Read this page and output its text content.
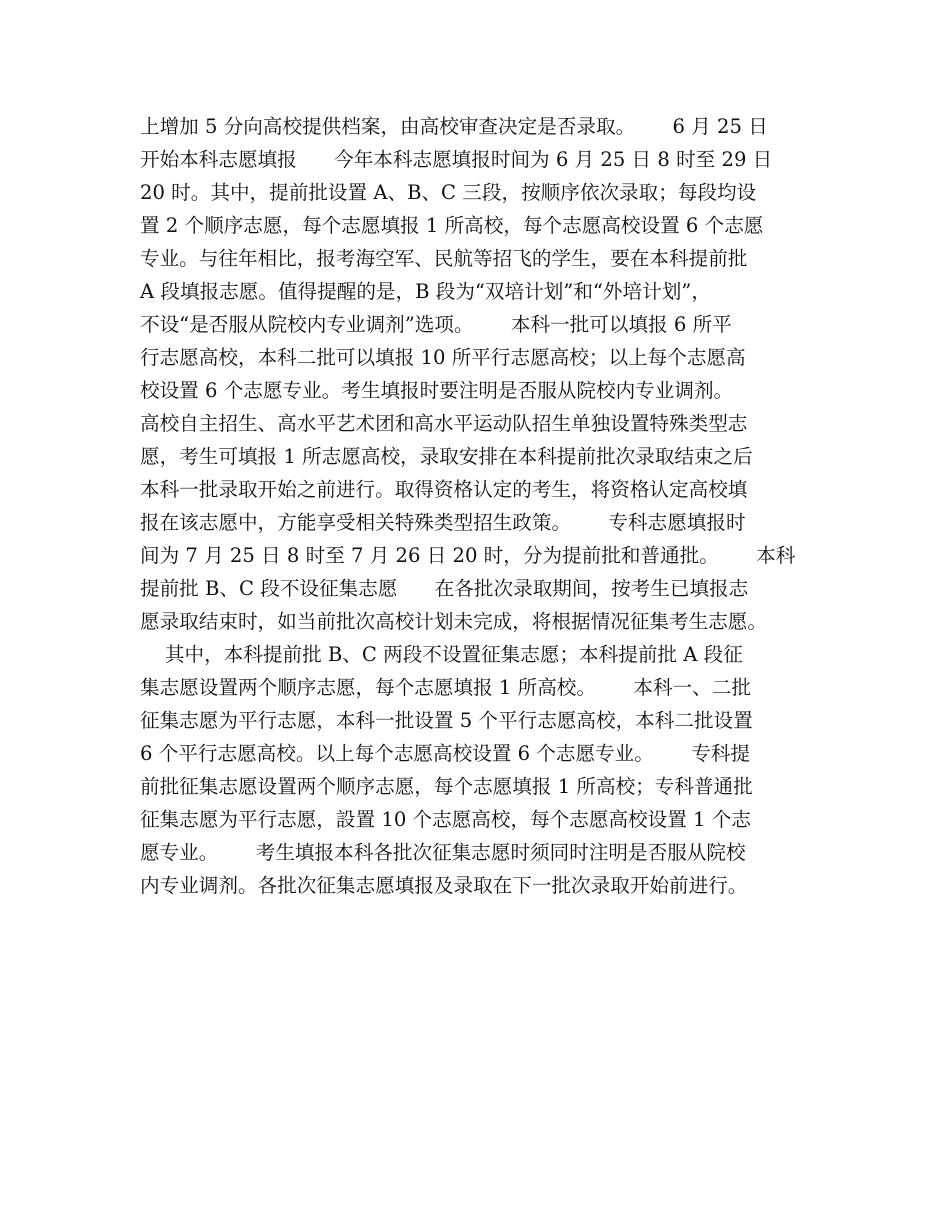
上增加 5 分向高校提供档案，由高校审查决定是否录取。      6 月 25 日
开始本科志愿填报      今年本科志愿填报时间为 6 月 25 日 8 时至 29 日
20 时。其中，提前批设置 A、B、C 三段，按顺序依次录取；每段均设
置 2 个顺序志愿，每个志愿填报 1 所高校，每个志愿高校设置 6 个志愿
专业。与往年相比，报考海空军、民航等招飞的学生，要在本科提前批
A 段填报志愿。值得提醒的是，B 段为“双培计划”和“外培计划”，
不设“是否服从院校内专业调剂”选项。      本科一批可以填报 6 所平
行志愿高校，本科二批可以填报 10 所平行志愿高校；以上每个志愿高
校设置 6 个志愿专业。考生填报时要注明是否服从院校内专业调剂。
高校自主招生、高水平艺术团和高水平运动队招生单独设置特殊类型志
愿，考生可填报 1 所志愿高校，录取安排在本科提前批次录取结束之后
本科一批录取开始之前进行。取得资格认定的考生，将资格认定高校填
报在该志愿中，方能享受相关特殊类型招生政策。      专科志愿填报时
间为 7 月 25 日 8 时至 7 月 26 日 20 时，分为提前批和普通批。      本科
提前批 B、C 段不设征集志愿      在各批次录取期间，按考生已填报志
愿录取结束时，如当前批次高校计划未完成，将根据情况征集考生志愿。
其中，本科提前批 B、C 两段不设置征集志愿；本科提前批 A 段征
集志愿设置两个顺序志愿，每个志愿填报 1 所高校。      本科一、二批
征集志愿为平行志愿，本科一批设置 5 个平行志愿高校，本科二批设置
6 个平行志愿高校。以上每个志愿高校设置 6 个志愿专业。      专科提
前批征集志愿设置两个顺序志愿，每个志愿填报 1 所高校；专科普通批
征集志愿为平行志愿，設置 10 个志愿高校，每个志愿高校设置 1 个志
愿专业。      考生填报本科各批次征集志愿时须同时注明是否服从院校
内专业调剂。各批次征集志愿填报及录取在下一批次录取开始前进行。
